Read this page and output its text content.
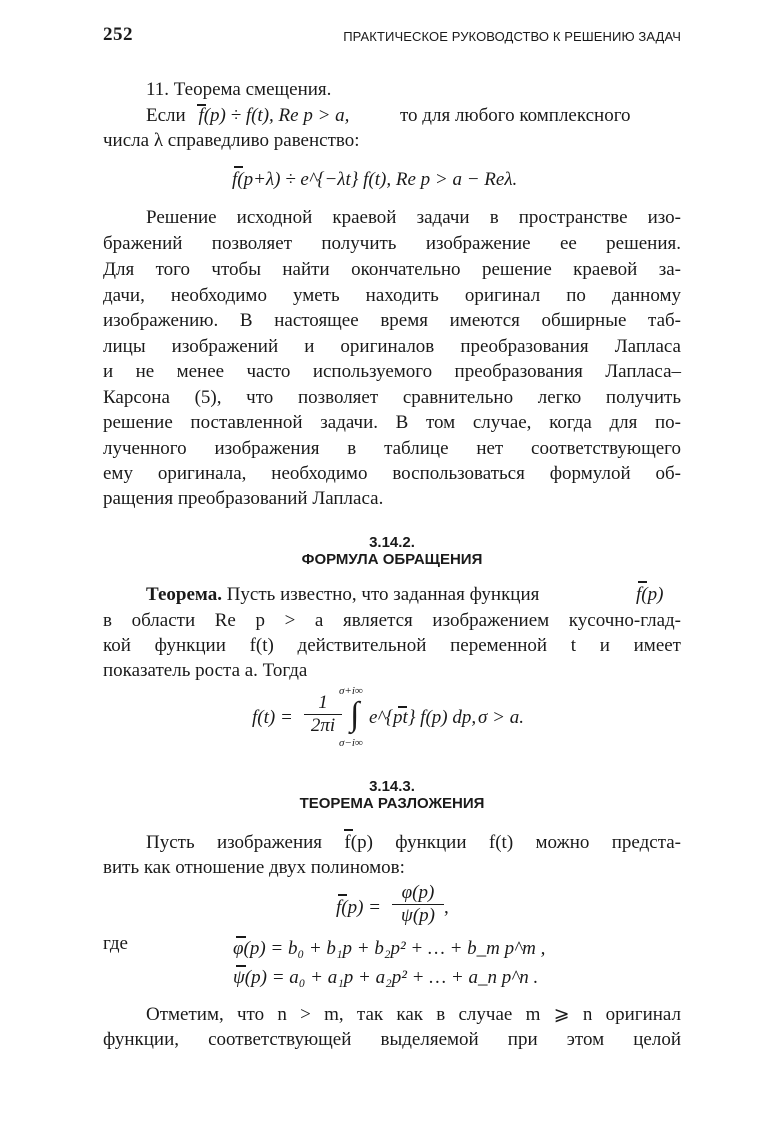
252	ПРАКТИЧЕСКОЕ РУКОВОДСТВО К РЕШЕНИЮ ЗАДАЧ
11. Теорема смещения.
Если f(p) ÷ f(t), Re p > a,	то для любого комплексного
числа λ справедливо равенство:
f(p+λ) ÷ e^{−λt} f(t), Re p > a − Reλ.
Решение исходной краевой задачи в пространстве изо-
бражений позволяет получить изображение ее решения.
Для того чтобы найти окончательно решение краевой за-
дачи, необходимо уметь находить оригинал по данному
изображению. В настоящее время имеются обширные таб-
лицы изображений и оригиналов преобразования Лапласа
и не менее часто используемого преобразования Лапласа–
Карсона (5), что позволяет сравнительно легко получить
решение поставленной задачи. В том случае, когда для по-
лученного изображения в таблице нет соответствующего
ему оригинала, необходимо воспользоваться формулой об-
ращения преобразований Лапласа.
3.14.2.
ФОРМУЛА ОБРАЩЕНИЯ
Теорема. Пусть известно, что заданная функция	f(p)
в области Re p > a является изображением кусочно-глад-
кой функции f(t) действительной переменной t и имеет
показатель роста a. Тогда
$f(t) = \frac{1}{2\pi i}$
σ+i∞
∫
σ−i∞
e^{pt} f(p) dp, σ > a.
3.14.3.
ТЕОРЕМА РАЗЛОЖЕНИЯ
Пусть изображения f(p) функции f(t) можно предста-
вить как отношение двух полиномов:
$f(p) = \frac{\varphi(p)}{\psi(p)}$ ,
где	φ(p) = b₀ + b₁p + b₂p² + … + b_m p^m ,
ψ(p) = a₀ + a₁p + a₂p² + … + a_n p^n .
Отметим, что n > m, так как в случае m ⩾ n оригинал
функции, соответствующей выделяемой при этом целой
